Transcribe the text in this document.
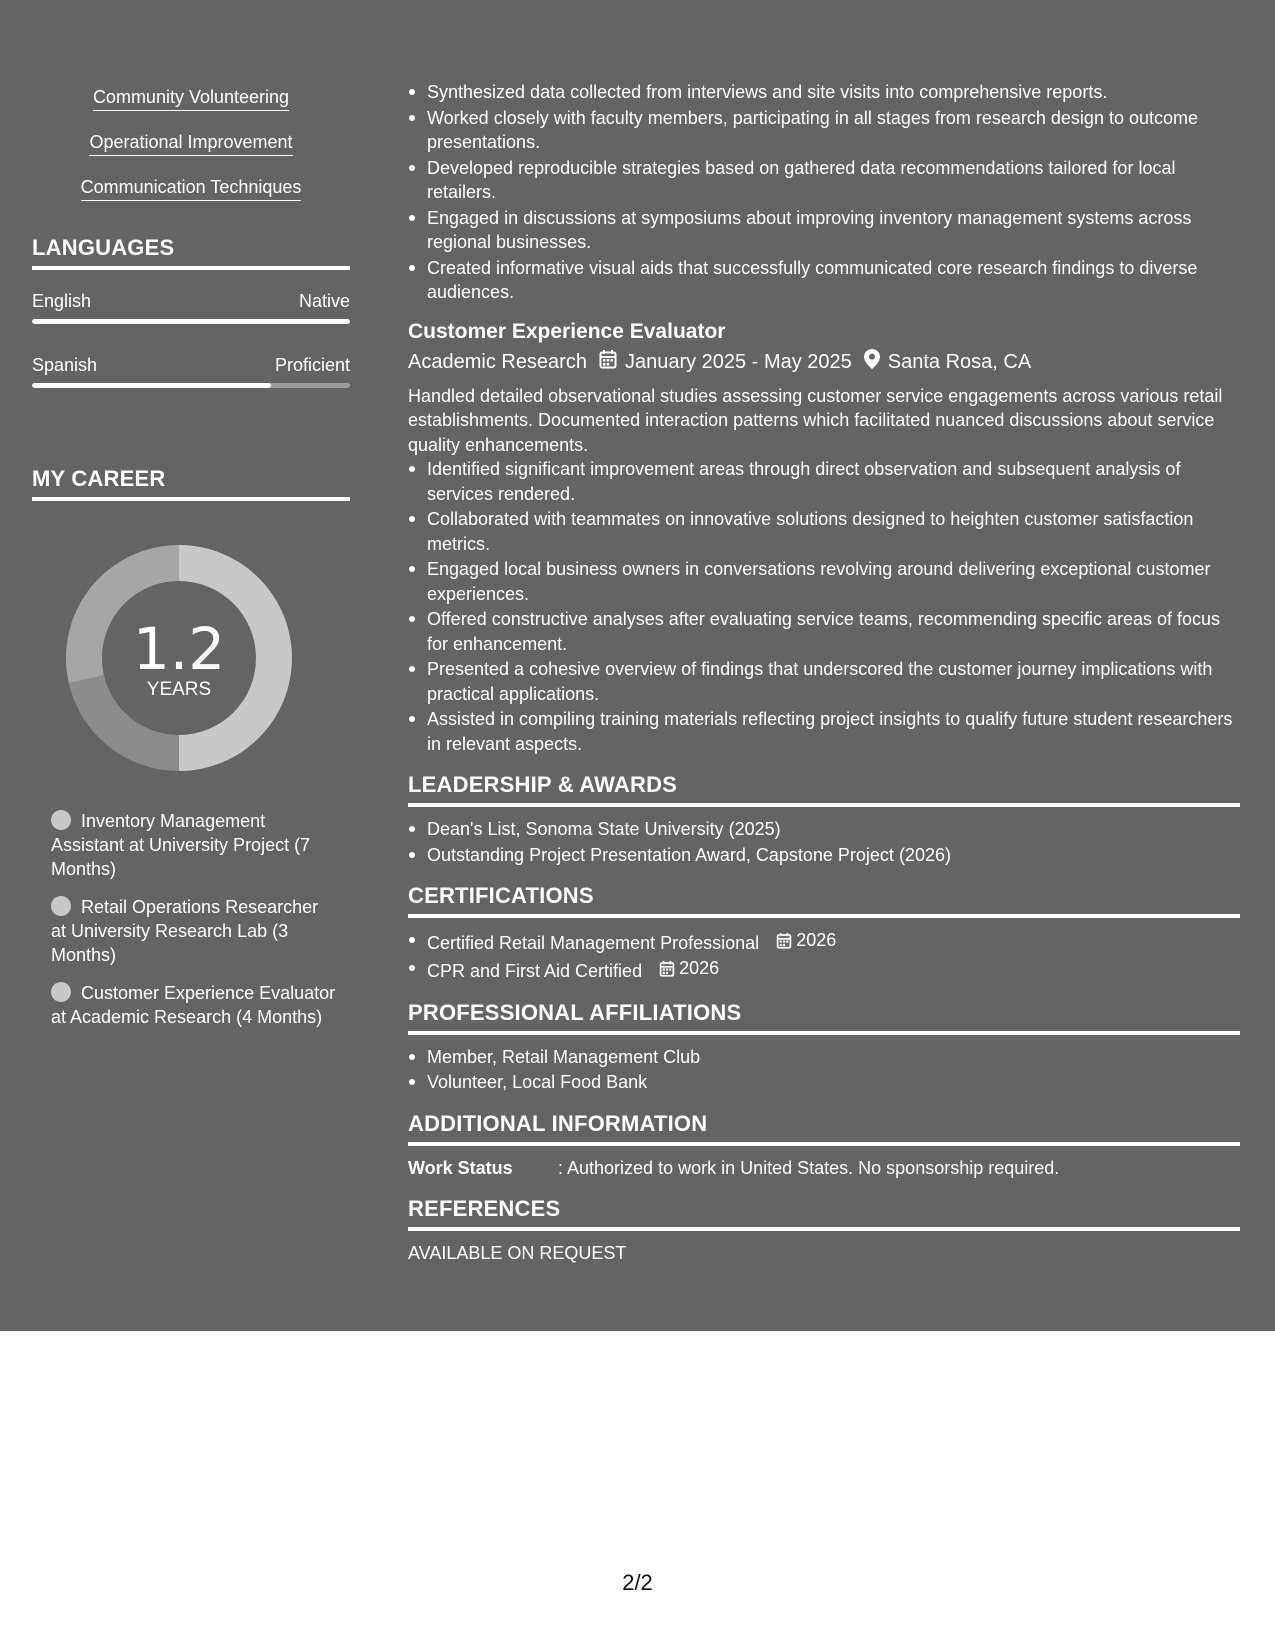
Community Volunteering
Operational Improvement
Communication Techniques
LANGUAGES
English	Native
Spanish	Proficient
MY CAREER
1.2
YEARS
Inventory Management Assistant at University Project (7 Months)
Retail Operations Researcher at University Research Lab (3 Months)
Customer Experience Evaluator at Academic Research (4 Months)
Synthesized data collected from interviews and site visits into comprehensive reports.
Worked closely with faculty members, participating in all stages from research design to outcome presentations.
Developed reproducible strategies based on gathered data recommendations tailored for local retailers.
Engaged in discussions at symposiums about improving inventory management systems across regional businesses.
Created informative visual aids that successfully communicated core research findings to diverse audiences.
Customer Experience Evaluator
Academic Research January 2025 - May 2025 Santa Rosa, CA
Handled detailed observational studies assessing customer service engagements across various retail establishments. Documented interaction patterns which facilitated nuanced discussions about service quality enhancements.
Identified significant improvement areas through direct observation and subsequent analysis of services rendered.
Collaborated with teammates on innovative solutions designed to heighten customer satisfaction metrics.
Engaged local business owners in conversations revolving around delivering exceptional customer experiences.
Offered constructive analyses after evaluating service teams, recommending specific areas of focus for enhancement.
Presented a cohesive overview of findings that underscored the customer journey implications with practical applications.
Assisted in compiling training materials reflecting project insights to qualify future student researchers in relevant aspects.
LEADERSHIP & AWARDS
Dean's List, Sonoma State University (2025)
Outstanding Project Presentation Award, Capstone Project (2026)
CERTIFICATIONS
Certified Retail Management Professional 2026
CPR and First Aid Certified 2026
PROFESSIONAL AFFILIATIONS
Member, Retail Management Club
Volunteer, Local Food Bank
ADDITIONAL INFORMATION
Work Status	: Authorized to work in United States. No sponsorship required.
REFERENCES
AVAILABLE ON REQUEST
2/2
